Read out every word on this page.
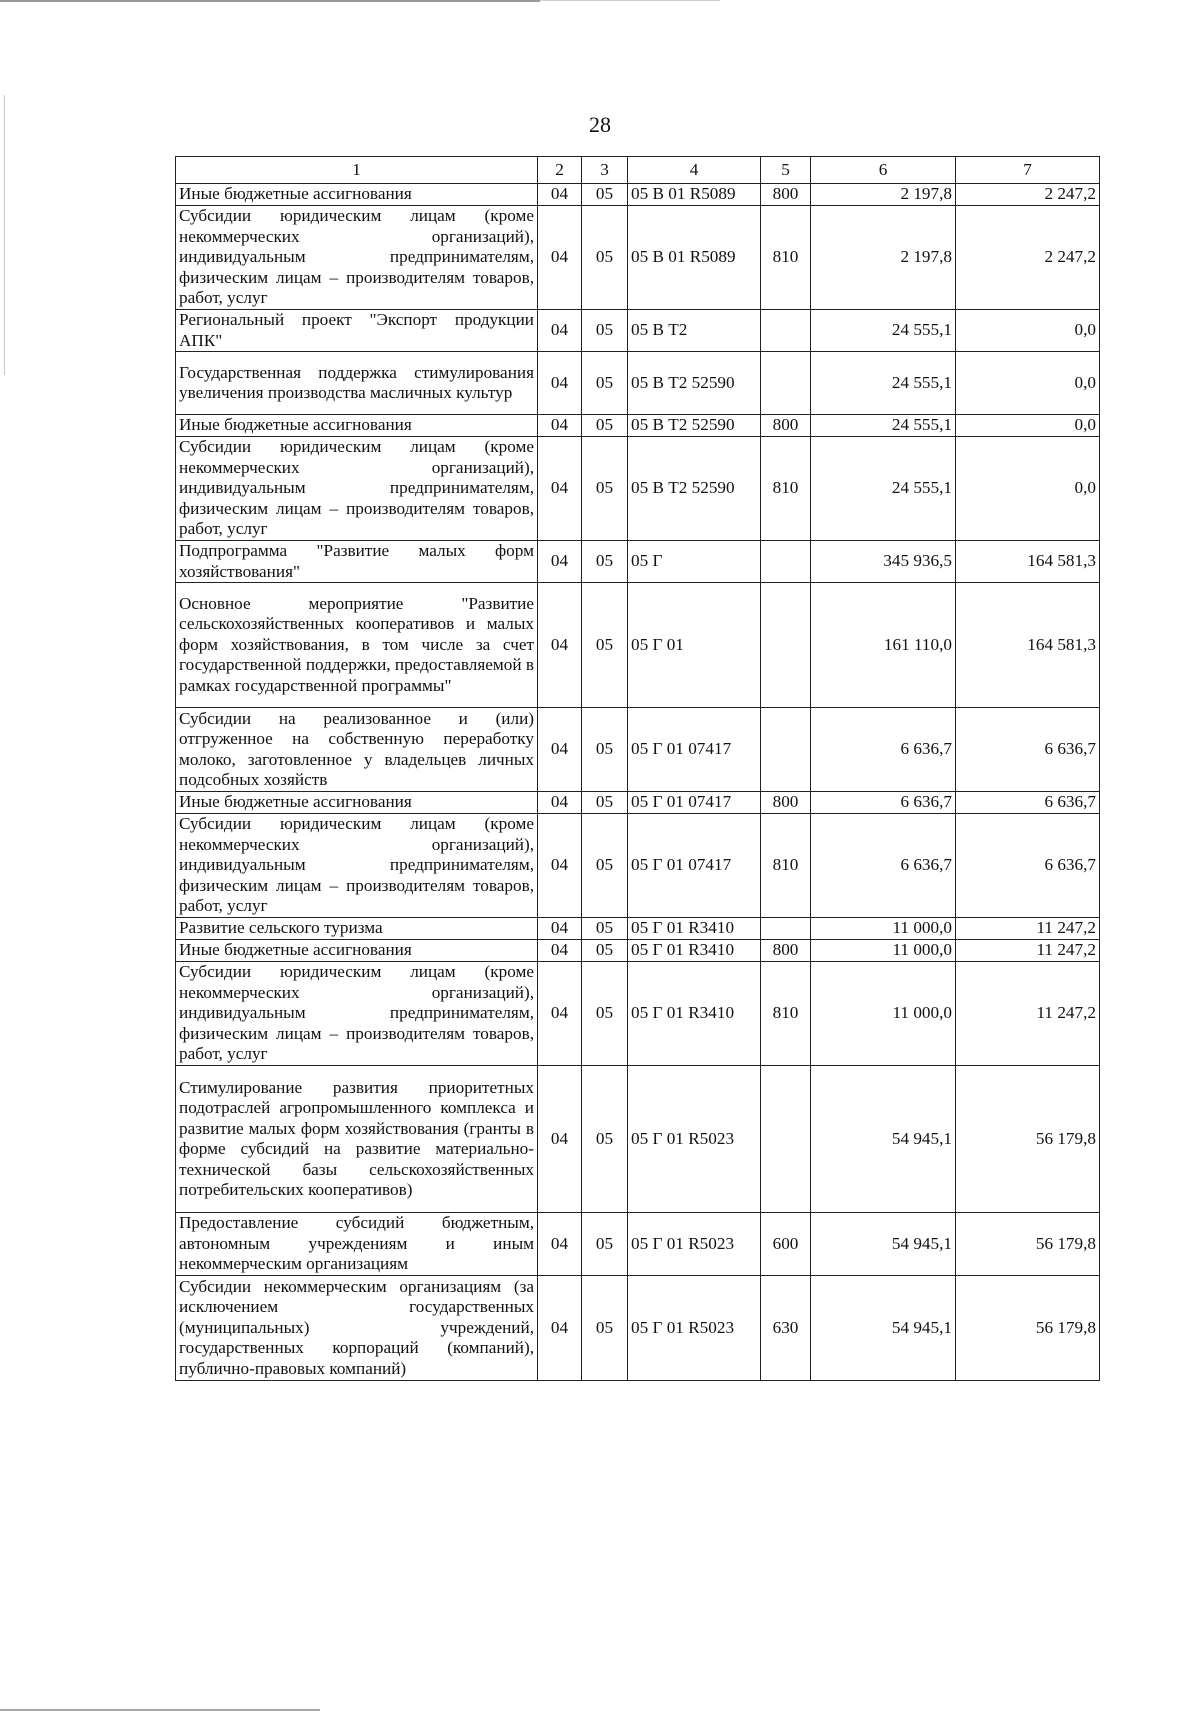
28
1	2	3	4	5	6	7
Иные бюджетные ассигнования	04	05	05 В 01 R5089	800	2 197,8	2 247,2
Субсидии юридическим лицам (кроме некоммерческих организаций), индивидуальным предпринимателям, физическим лицам – производителям товаров, работ, услуг	04	05	05 В 01 R5089	810	2 197,8	2 247,2
Региональный проект "Экспорт продукции АПК"	04	05	05 В Т2		24 555,1	0,0
Государственная поддержка стимулирования увеличения производства масличных культур	04	05	05 В Т2 52590		24 555,1	0,0
Иные бюджетные ассигнования	04	05	05 В Т2 52590	800	24 555,1	0,0
Субсидии юридическим лицам (кроме некоммерческих организаций), индивидуальным предпринимателям, физическим лицам – производителям товаров, работ, услуг	04	05	05 В Т2 52590	810	24 555,1	0,0
Подпрограмма "Развитие малых форм хозяйствования"	04	05	05 Г		345 936,5	164 581,3
Основное мероприятие "Развитие сельскохозяйственных кооперативов и малых форм хозяйствования, в том числе за счет государственной поддержки, предоставляемой в рамках государственной программы"	04	05	05 Г 01		161 110,0	164 581,3
Субсидии на реализованное и (или) отгруженное на собственную переработку молоко, заготовленное у владельцев личных подсобных хозяйств	04	05	05 Г 01 07417		6 636,7	6 636,7
Иные бюджетные ассигнования	04	05	05 Г 01 07417	800	6 636,7	6 636,7
Субсидии юридическим лицам (кроме некоммерческих организаций), индивидуальным предпринимателям, физическим лицам – производителям товаров, работ, услуг	04	05	05 Г 01 07417	810	6 636,7	6 636,7
Развитие сельского туризма	04	05	05 Г 01 R3410		11 000,0	11 247,2
Иные бюджетные ассигнования	04	05	05 Г 01 R3410	800	11 000,0	11 247,2
Субсидии юридическим лицам (кроме некоммерческих организаций), индивидуальным предпринимателям, физическим лицам – производителям товаров, работ, услуг	04	05	05 Г 01 R3410	810	11 000,0	11 247,2
Стимулирование развития приоритетных подотраслей агропромышленного комплекса и развитие малых форм хозяйствования (гранты в форме субсидий на развитие материально-технической базы сельскохозяйственных потребительских кооперативов)	04	05	05 Г 01 R5023		54 945,1	56 179,8
Предоставление субсидий бюджетным, автономным учреждениям и иным некоммерческим организациям	04	05	05 Г 01 R5023	600	54 945,1	56 179,8
Субсидии некоммерческим организациям (за исключением государственных (муниципальных) учреждений, государственных корпораций (компаний), публично-правовых компаний)	04	05	05 Г 01 R5023	630	54 945,1	56 179,8
